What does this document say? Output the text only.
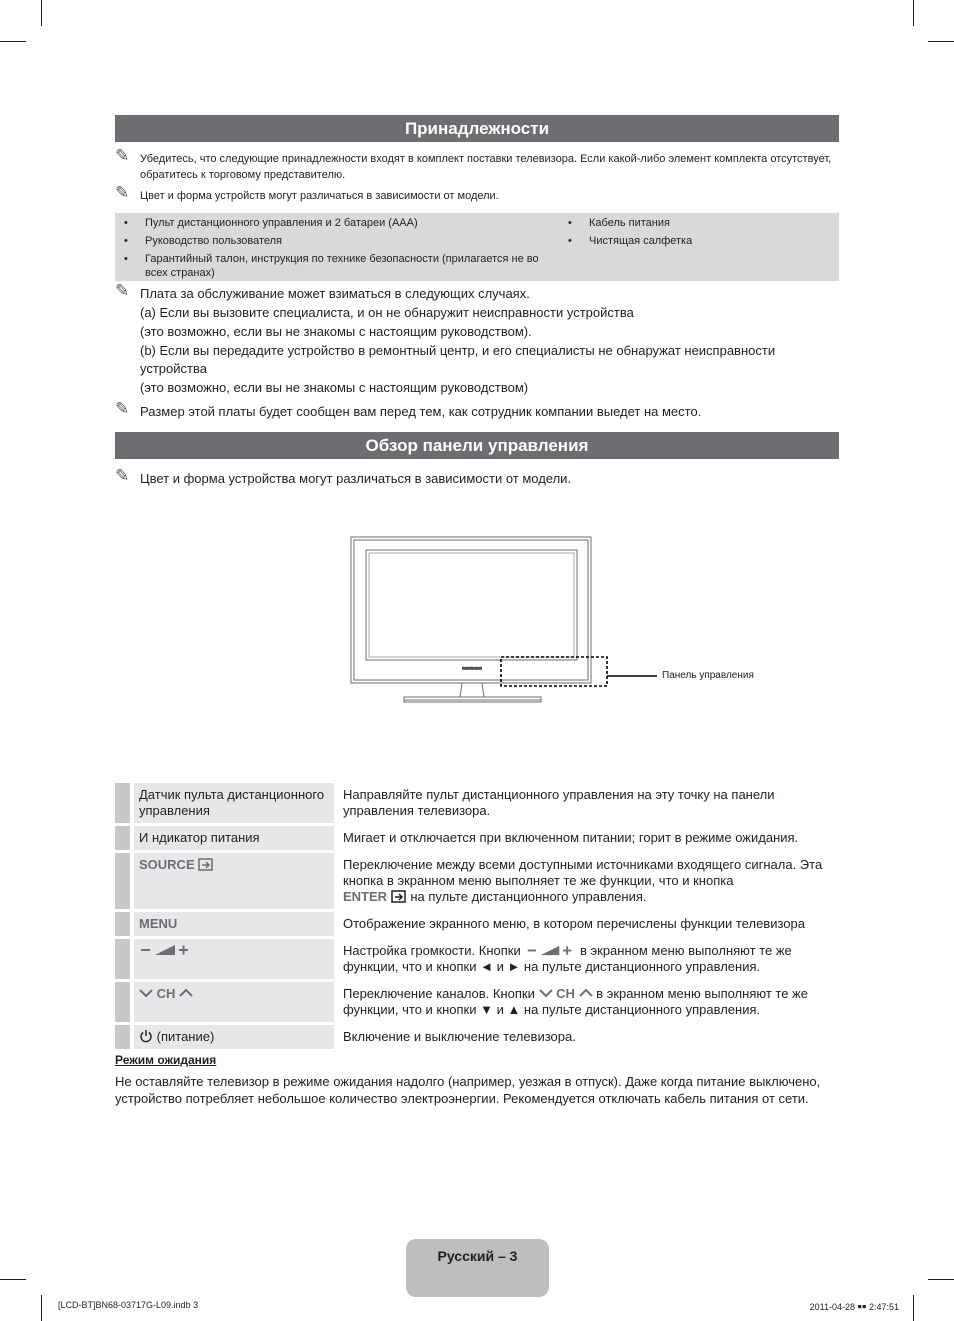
Принадлежности
✎ Убедитесь, что следующие принадлежности входят в комплект поставки телевизора. Если какой-либо элемент комплекта отсутствует, обратитесь к торговому представителю.
✎ Цвет и форма устройств могут различаться в зависимости от модели.
• Пульт дистанционного управления и 2 батареи (AAA)
• Руководство пользователя
• Гарантийный талон, инструкция по технике безопасности (прилагается не во всех странах)
• Кабель питания
• Чистящая салфетка
✎ Плата за обслуживание может взиматься в следующих случаях.
(a) Если вы вызовите специалиста, и он не обнаружит неисправности устройства
(это возможно, если вы не знакомы с настоящим руководством).
(b) Если вы передадите устройство в ремонтный центр, и его специалисты не обнаружат неисправности устройства
(это возможно, если вы не знакомы с настоящим руководством)
✎ Размер этой платы будет сообщен вам перед тем, как сотрудник компании выедет на место.
Обзор панели управления
✎ Цвет и форма устройства могут различаться в зависимости от модели.
SAMSUNG
Панель управления
	Датчик пульта дистанционного управления	Направляйте пульт дистанционного управления на эту точку на панели управления телевизора.
	И ндикатор питания	Мигает и отключается при включенном питании; горит в режиме ожидания.
	SOURCE	Переключение между всеми доступными источниками входящего сигнала. Эта кнопка в экранном меню выполняет те же функции, что и кнопка
ENTER на пульте дистанционного управления.
	MENU	Отображение экранного меню, в котором перечислены функции телевизора
		Настройка громкости. Кнопки в экранном меню выполняют те же функции, что и кнопки ◄ и ► на пульте дистанционного управления.
	CH	Переключение каналов. Кнопки CH в экранном меню выполняют те же функции, что и кнопки ▼ и ▲ на пульте дистанционного управления.
	(питание)	Включение и выключение телевизора.
Режим ожидания
Не оставляйте телевизор в режиме ожидания надолго (например, уезжая в отпуск). Даже когда питание выключено, устройство потребляет небольшое количество электроэнергии. Рекомендуется отключать кабель питания от сети.
Русский – 3
[LCD-BT]BN68-03717G-L09.indb 3	2011-04-28 ￭￭ 2:47:51
